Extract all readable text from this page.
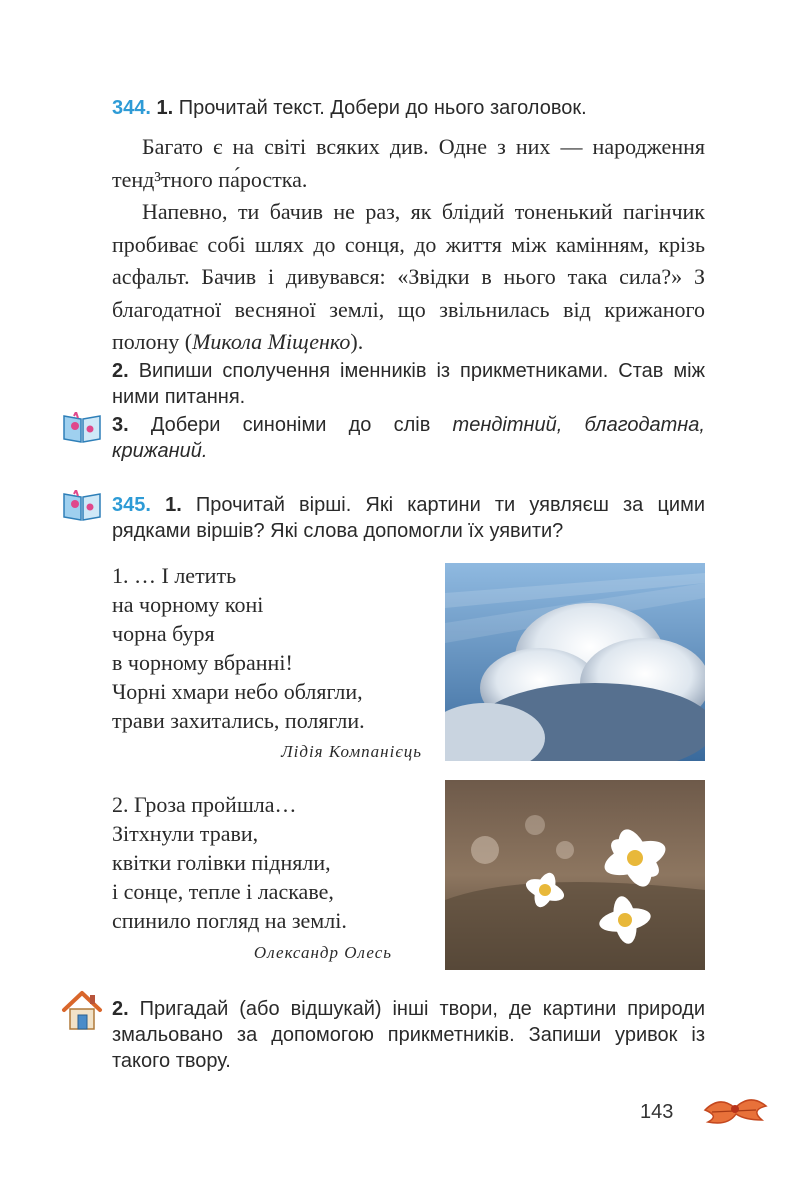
344. 1. Прочитай текст. Добери до нього заголовок.

Багато є на світі всяких див. Одне з них — народження тенд³тного па́ростка.

Напевно, ти бачив не раз, як блідий тоненький пагінчик пробиває собі шлях до сонця, до життя між камінням, крізь асфальт. Бачив і дивувався: «Звідки в нього така сила?» З благодатної весняної землі, що звільнилась від крижаного полону (Микола Міщенко).

2. Випиши сполучення іменників із прикметниками. Став між ними питання.
3. Добери синоніми до слів тендітний, благодатна, крижаний.
345. 1. Прочитай вірші. Які картини ти уявляєш за цими рядками віршів? Які слова допомогли їх уявити?
1. … І летить
на чорному коні
чорна буря
в чорному вбранні!
Чорні хмари небо облягли,
трави захитались, полягли.
Лідія Компанієць
2. Гроза пройшла…
Зітхнули трави,
квітки голівки підняли,
і сонце, тепле і ласкаве,
спинило погляд на землі.
Олександр Олесь
2. Пригадай (або відшукай) інші твори, де картини природи змальовано за допомогою прикметників. Запиши уривок із такого твору.
143
